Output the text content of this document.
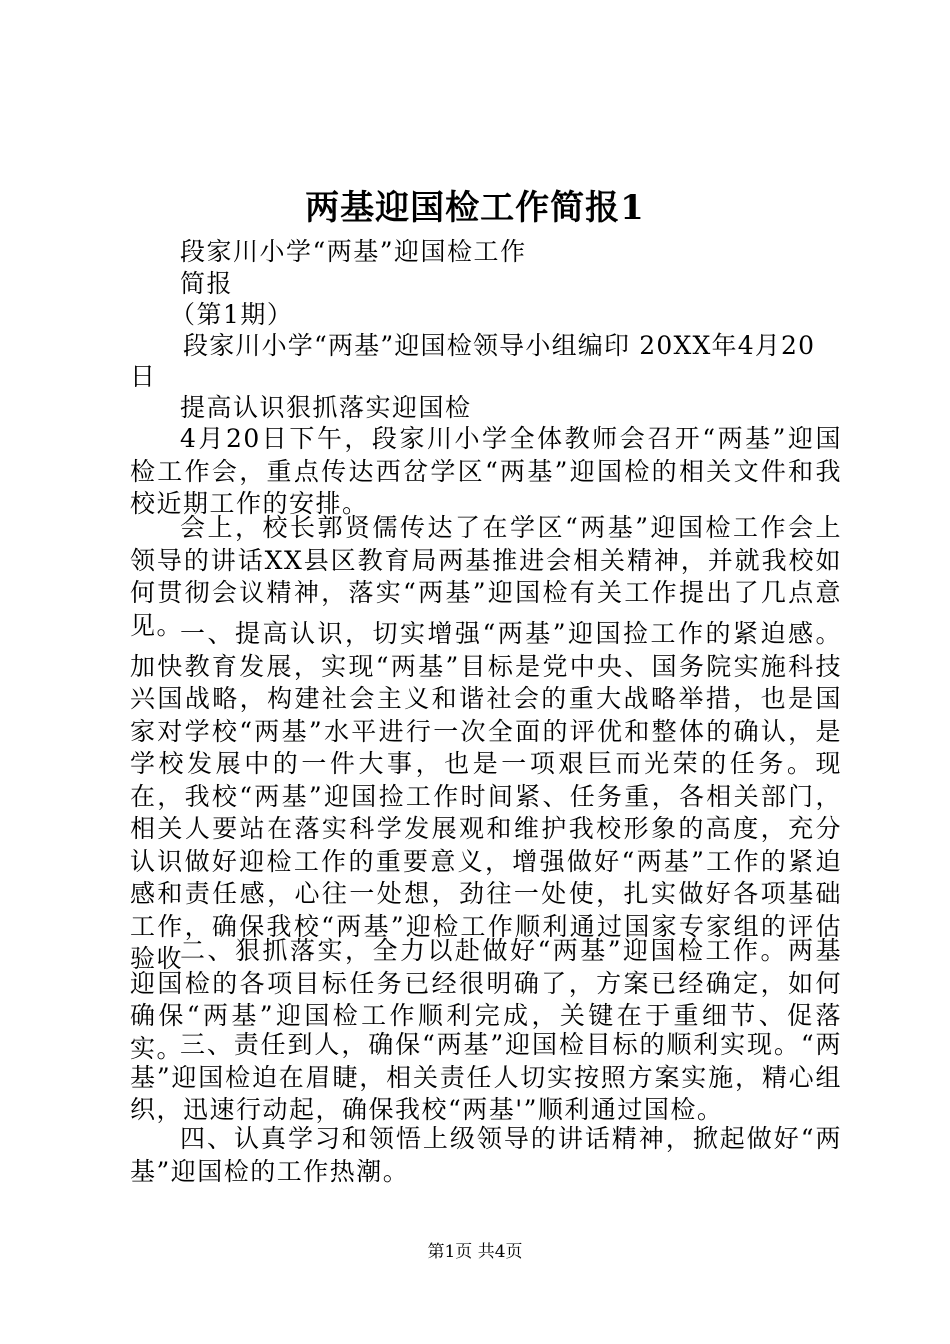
两基迎国检工作简报1
段家川小学“两基”迎国检工作
简报
（第1期）
段家川小学“两基”迎国检领导小组编印 20XX年4月20
日
提高认识狠抓落实迎国检
4月20日下午，段家川小学全体教师会召开“两基”迎国检工作会，重点传达西岔学区“两基”迎国检的相关文件和我校近期工作的安排。
会上，校长郭贤儒传达了在学区“两基”迎国检工作会上领导的讲话XX县区教育局两基推进会相关精神，并就我校如何贯彻会议精神，落实“两基”迎国检有关工作提出了几点意见。
一、提高认识，切实增强“两基”迎国捡工作的紧迫感。加快教育发展，实现“两基”目标是党中央、国务院实施科技兴国战略，构建社会主义和谐社会的重大战略举措，也是国家对学校“两基”水平进行一次全面的评优和整体的确认，是学校发展中的一件大事，也是一项艰巨而光荣的任务。现在，我校“两基”迎国捡工作时间紧、任务重，各相关部门，相关人要站在落实科学发展观和维护我校形象的高度，充分认识做好迎检工作的重要意义，增强做好“两基”工作的紧迫感和责任感，心往一处想，劲往一处使，扎实做好各项基础工作，确保我校“两基”迎检工作顺利通过国家专家组的评估验收
二、狠抓落实，全力以赴做好“两基”迎国检工作。两基迎国检的各项目标任务已经很明确了，方案已经确定，如何确保“两基”迎国检工作顺利完成，关键在于重细节、促落实。
三、责任到人，确保“两基”迎国检目标的顺利实现。“两基”迎国检迫在眉睫，相关责任人切实按照方案实施，精心组织，迅速行动起，确保我校“两基'”顺利通过国检。
四、认真学习和领悟上级领导的讲话精神，掀起做好“两基”迎国检的工作热潮。
第1页 共4页
